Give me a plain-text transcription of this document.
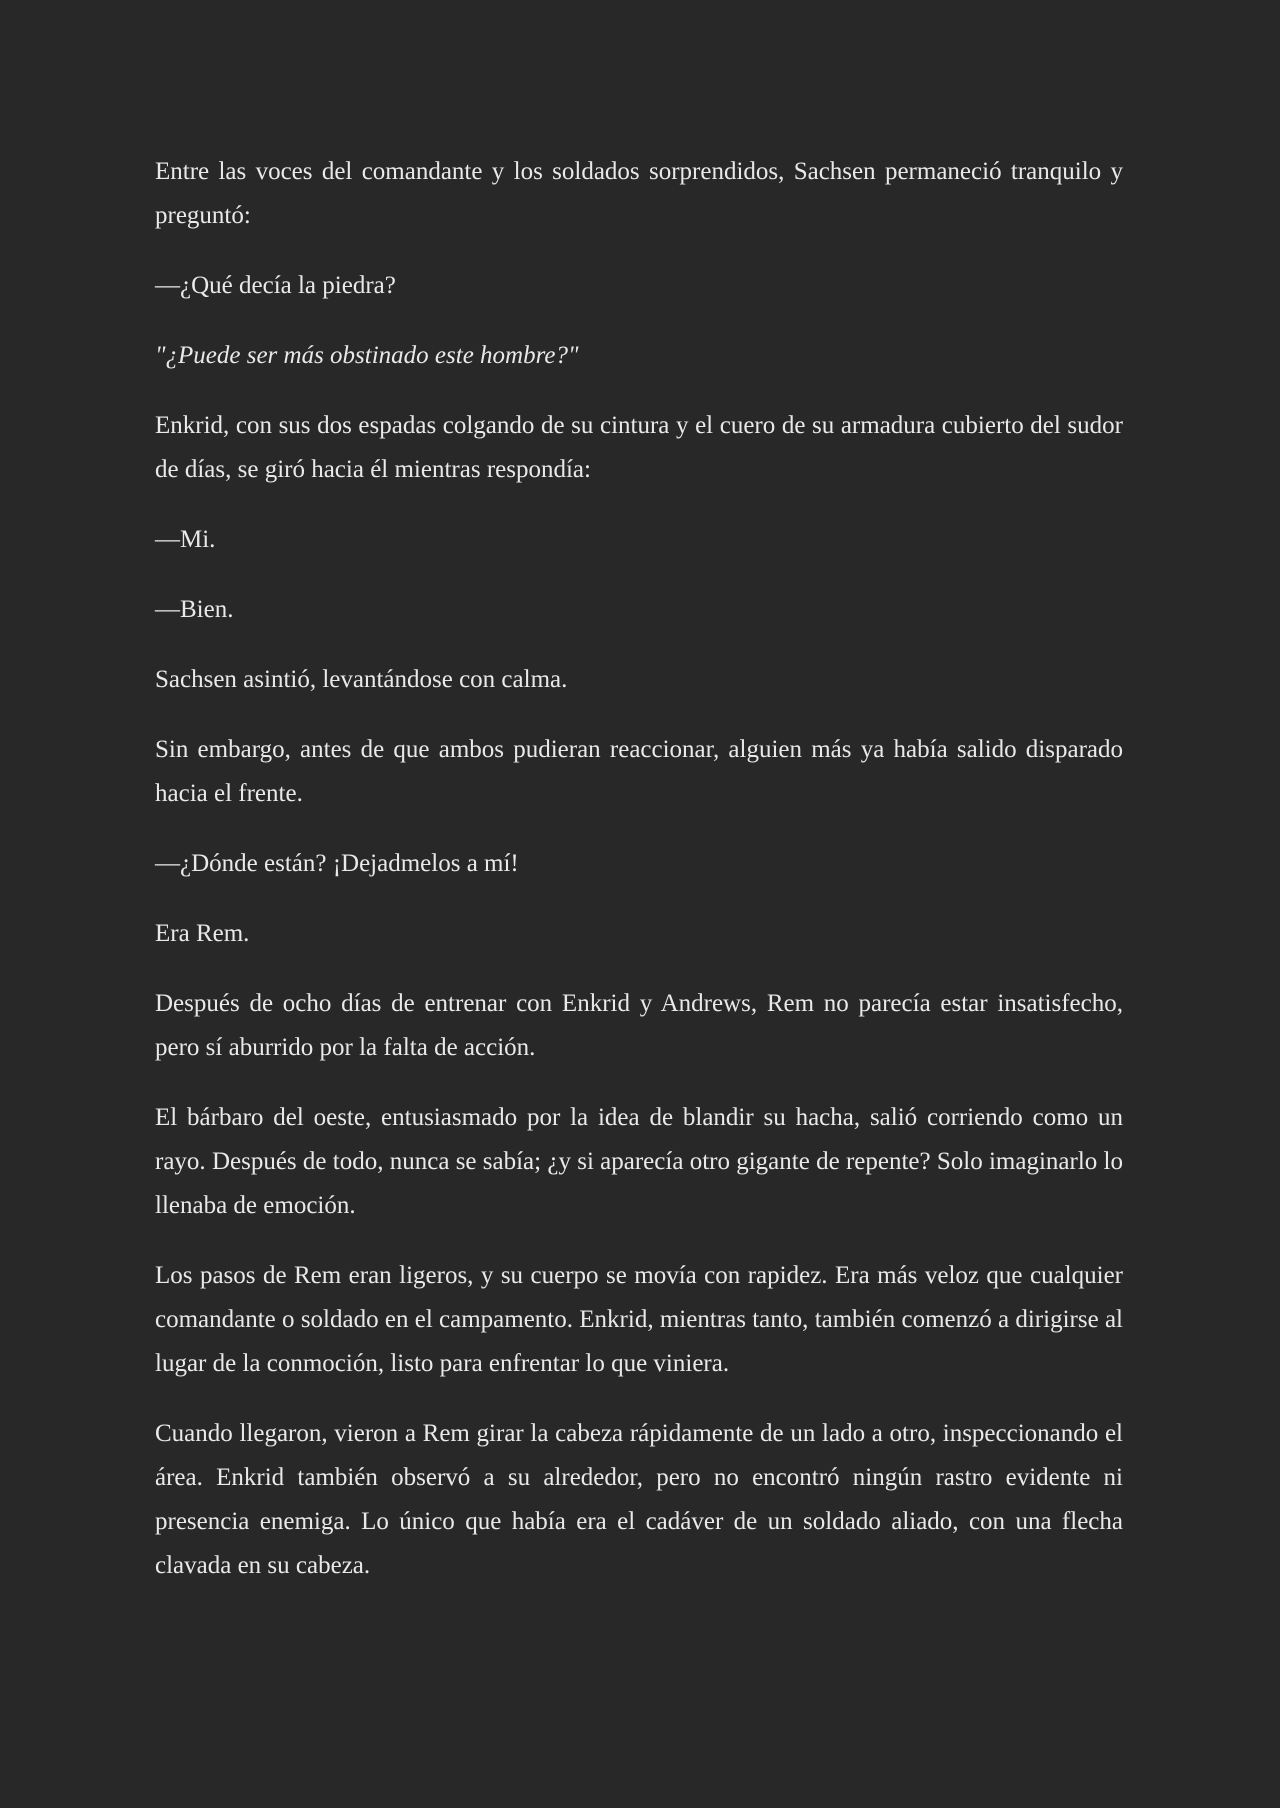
Entre las voces del comandante y los soldados sorprendidos, Sachsen permaneció tranquilo y preguntó:

—¿Qué decía la piedra?

"¿Puede ser más obstinado este hombre?"

Enkrid, con sus dos espadas colgando de su cintura y el cuero de su armadura cubierto del sudor de días, se giró hacia él mientras respondía:

—Mi.

—Bien.

Sachsen asintió, levantándose con calma.

Sin embargo, antes de que ambos pudieran reaccionar, alguien más ya había salido disparado hacia el frente.

—¿Dónde están? ¡Dejadmelos a mí!

Era Rem.

Después de ocho días de entrenar con Enkrid y Andrews, Rem no parecía estar insatisfecho, pero sí aburrido por la falta de acción.

El bárbaro del oeste, entusiasmado por la idea de blandir su hacha, salió corriendo como un rayo. Después de todo, nunca se sabía; ¿y si aparecía otro gigante de repente? Solo imaginarlo lo llenaba de emoción.

Los pasos de Rem eran ligeros, y su cuerpo se movía con rapidez. Era más veloz que cualquier comandante o soldado en el campamento. Enkrid, mientras tanto, también comenzó a dirigirse al lugar de la conmoción, listo para enfrentar lo que viniera.

Cuando llegaron, vieron a Rem girar la cabeza rápidamente de un lado a otro, inspeccionando el área. Enkrid también observó a su alrededor, pero no encontró ningún rastro evidente ni presencia enemiga. Lo único que había era el cadáver de un soldado aliado, con una flecha clavada en su cabeza.
